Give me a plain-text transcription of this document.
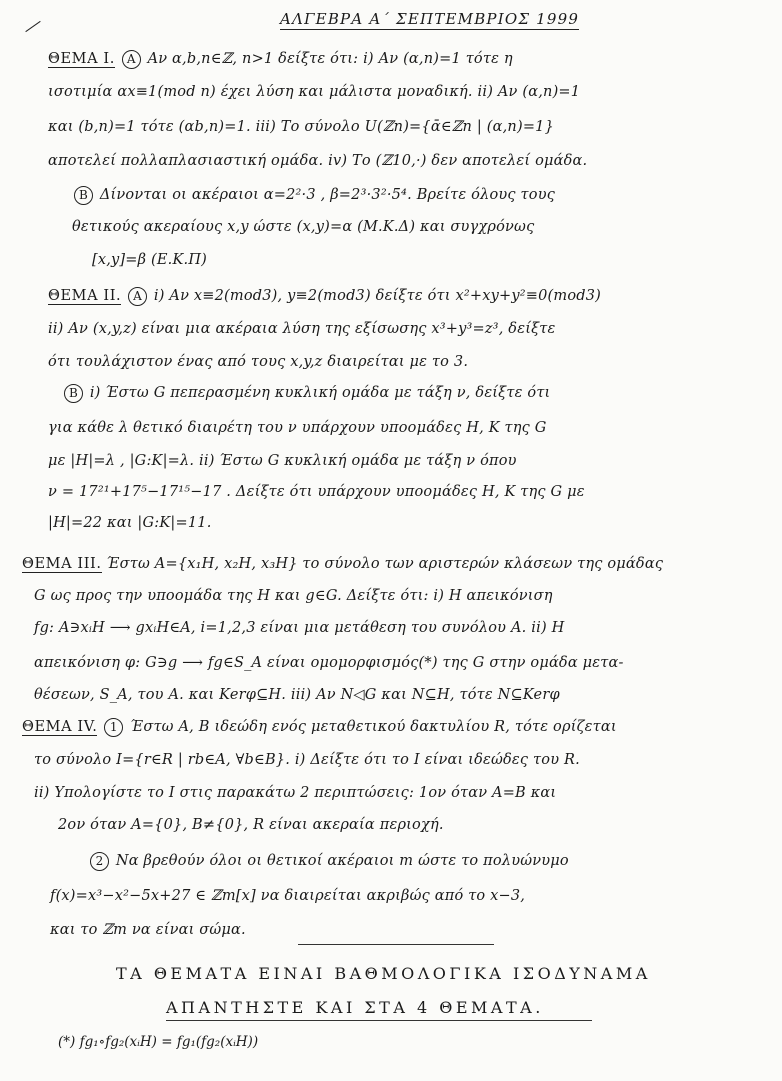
ΑΛΓΕΒΡΑ Α΄ ΣΕΠΤΕΜΒΡΙΟΣ 1999
ΘΕΜΑ Ι. Α Αν α,b,n∈ℤ, n>1 δείξτε ότι: i) Αν (α,n)=1 τότε η
ισοτιμία αx≡1(mod n) έχει λύση και μάλιστα μοναδική. ii) Αν (α,n)=1
και (b,n)=1 τότε (αb,n)=1. iii) Το σύνολο U(ℤn)={ᾱ∈ℤn | (α,n)=1}
αποτελεί πολλαπλασιαστική ομάδα. iv) Το (ℤ10,·) δεν αποτελεί ομάδα.
Β Δίνονται οι ακέραιοι α=2²·3 , β=2³·3²·5⁴. Βρείτε όλους τους
θετικούς ακεραίους x,y ώστε (x,y)=α (Μ.Κ.Δ) και συγχρόνως
[x,y]=β (Ε.Κ.Π)
ΘΕΜΑ ΙΙ. Α i) Αν x≡2(mod3), y≡2(mod3) δείξτε ότι x²+xy+y²≡0(mod3)
ii) Αν (x,y,z) είναι μια ακέραια λύση της εξίσωσης x³+y³=z³, δείξτε
ότι τουλάχιστον ένας από τους x,y,z διαιρείται με το 3.
Β i) Έστω G πεπερασμένη κυκλική ομάδα με τάξη ν, δείξτε ότι
για κάθε λ θετικό διαιρέτη του ν υπάρχουν υποομάδες H, K της G
με |H|=λ , |G:K|=λ. ii) Έστω G κυκλική ομάδα με τάξη ν όπου
ν = 17²¹+17⁵−17¹⁵−17 . Δείξτε ότι υπάρχουν υποομάδες H, K της G με
|H|=22 και |G:K|=11.
ΘΕΜΑ ΙΙΙ. Έστω A={x₁H, x₂H, x₃H} το σύνολο των αριστερών κλάσεων της ομάδας
G ως προς την υποομάδα της H και g∈G. Δείξτε ότι: i) Η απεικόνιση
fg: A∋xᵢH ⟶ gxᵢH∈A, i=1,2,3 είναι μια μετάθεση του συνόλου A. ii) Η
απεικόνιση φ: G∋g ⟶ fg∈S_A είναι ομομορφισμός(*) της G στην ομάδα μετα-
θέσεων, S_A, του A. και Kerφ⊆H. iii) Αν N◁G και N⊆H, τότε N⊆Kerφ
ΘΕΜΑ ΙV. 1 Έστω A, B ιδεώδη ενός μεταθετικού δακτυλίου R, τότε ορίζεται
το σύνολο I={r∈R | rb∈A, ∀b∈B}. i) Δείξτε ότι το I είναι ιδεώδες του R.
ii) Υπολογίστε το I στις παρακάτω 2 περιπτώσεις: 1ον όταν A=B και
2ον όταν A={0}, B≠{0}, R είναι ακεραία περιοχή.
2 Να βρεθούν όλοι οι θετικοί ακέραιοι m ώστε το πολυώνυμο
f(x)=x³−x²−5x+27 ∈ ℤm[x] να διαιρείται ακριβώς από το x−3,
και το ℤm να είναι σώμα.
ΤΑ ΘΕΜΑΤΑ ΕΙΝΑΙ ΒΑΘΜΟΛΟΓΙΚΑ ΙΣΟΔΥΝΑΜΑ
ΑΠΑΝΤΗΣΤΕ ΚΑΙ ΣΤΑ 4 ΘΕΜΑΤΑ.
(*) fg₁∘fg₂(xᵢH) = fg₁(fg₂(xᵢH))
